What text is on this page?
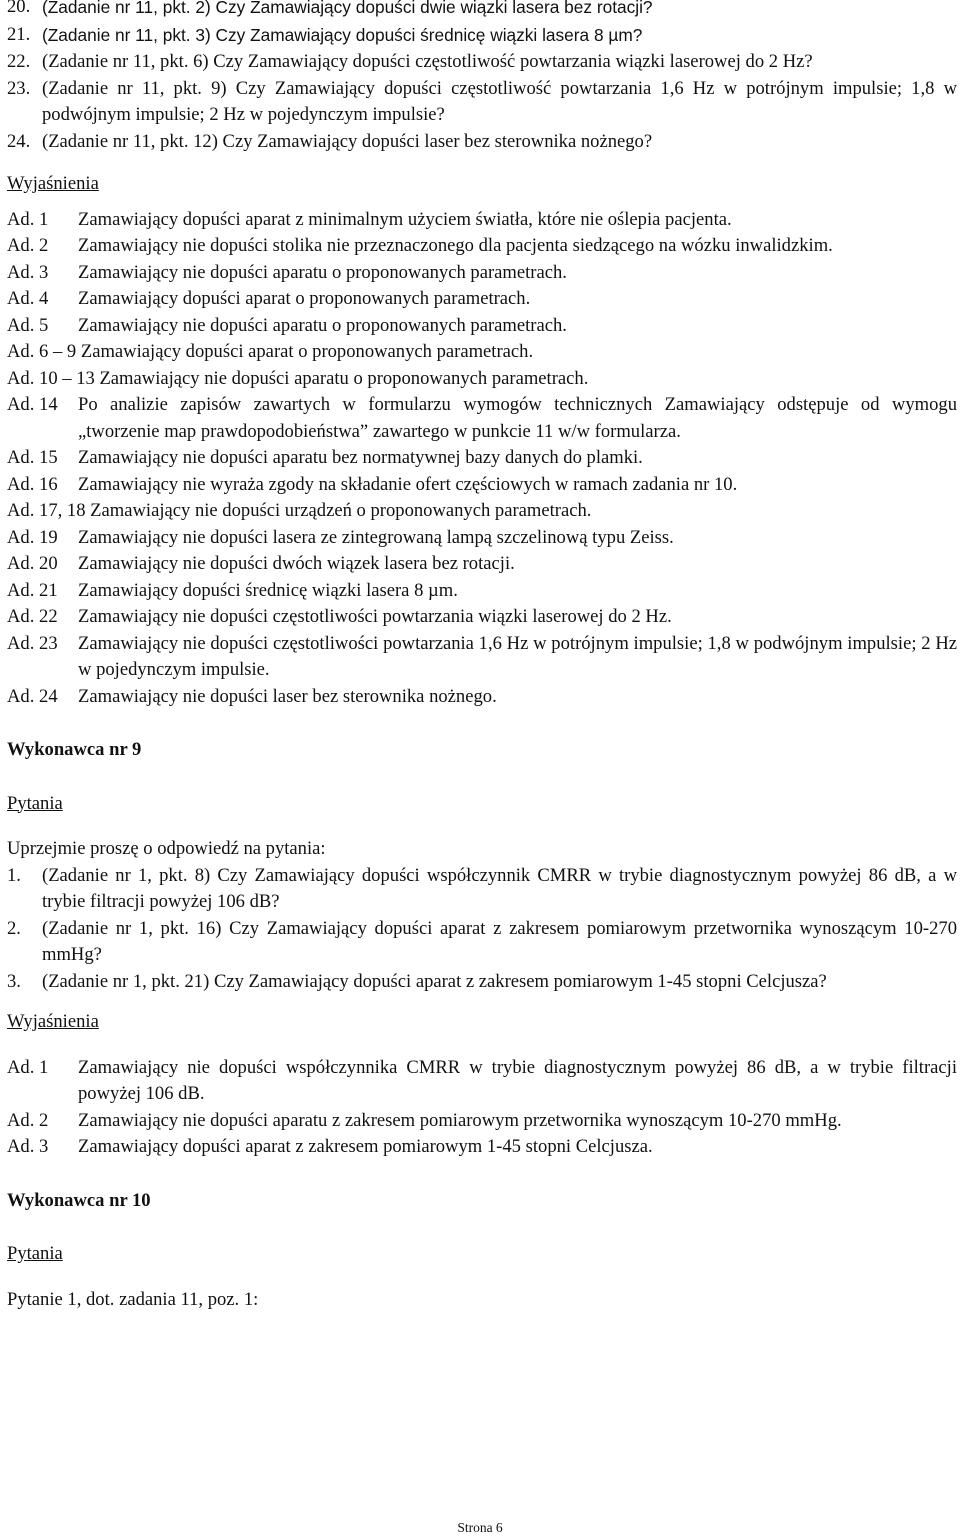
20. (Zadanie nr 11, pkt. 2) Czy Zamawiający dopuści dwie wiązki lasera bez rotacji?
21. (Zadanie nr 11, pkt. 3) Czy Zamawiający dopuści średnicę wiązki lasera 8 µm?
22. (Zadanie nr 11, pkt. 6) Czy Zamawiający dopuści częstotliwość powtarzania wiązki laserowej do 2 Hz?
23. (Zadanie nr 11, pkt. 9) Czy Zamawiający dopuści częstotliwość powtarzania 1,6 Hz w potrójnym impulsie; 1,8 w podwójnym impulsie; 2 Hz w pojedynczym impulsie?
24. (Zadanie nr 11, pkt. 12) Czy Zamawiający dopuści laser bez sterownika nożnego?
Wyjaśnienia
Ad. 1 Zamawiający dopuści aparat z minimalnym użyciem światła, które nie oślepia pacjenta.
Ad. 2 Zamawiający nie dopuści stolika nie przeznaczonego dla pacjenta siedzącego na wózku inwalidzkim.
Ad. 3 Zamawiający nie dopuści aparatu o proponowanych parametrach.
Ad. 4 Zamawiający dopuści aparat o proponowanych parametrach.
Ad. 5 Zamawiający nie dopuści aparatu o proponowanych parametrach.
Ad. 6 – 9 Zamawiający dopuści aparat o proponowanych parametrach.
Ad. 10 – 13 Zamawiający nie dopuści aparatu o proponowanych parametrach.
Ad. 14 Po analizie zapisów zawartych w formularzu wymogów technicznych Zamawiający odstępuje od wymogu „tworzenie map prawdopodobieństwa” zawartego w punkcie 11 w/w formularza.
Ad. 15 Zamawiający nie dopuści aparatu bez normatywnej bazy danych do plamki.
Ad. 16 Zamawiający nie wyraża zgody na składanie ofert częściowych w ramach zadania nr 10.
Ad. 17, 18 Zamawiający nie dopuści urządzeń o proponowanych parametrach.
Ad. 19 Zamawiający nie dopuści lasera ze zintegrowaną lampą szczelinową typu Zeiss.
Ad. 20 Zamawiający nie dopuści dwóch wiązek lasera bez rotacji.
Ad. 21 Zamawiający dopuści średnicę wiązki lasera 8 µm.
Ad. 22 Zamawiający nie dopuści częstotliwości powtarzania wiązki laserowej do 2 Hz.
Ad. 23 Zamawiający nie dopuści częstotliwości powtarzania 1,6 Hz w potrójnym impulsie; 1,8 w podwójnym impulsie; 2 Hz w pojedynczym impulsie.
Ad. 24 Zamawiający nie dopuści laser bez sterownika nożnego.
Wykonawca nr 9
Pytania
Uprzejmie proszę o odpowiedź na pytania:
1. (Zadanie nr 1, pkt. 8) Czy Zamawiający dopuści współczynnik CMRR w trybie diagnostycznym powyżej 86 dB, a w trybie filtracji powyżej 106 dB?
2. (Zadanie nr 1, pkt. 16) Czy Zamawiający dopuści aparat z zakresem pomiarowym przetwornika wynoszącym 10-270 mmHg?
3. (Zadanie nr 1, pkt. 21) Czy Zamawiający dopuści aparat z zakresem pomiarowym 1-45 stopni Celcjusza?
Wyjaśnienia
Ad. 1 Zamawiający nie dopuści współczynnika CMRR w trybie diagnostycznym powyżej 86 dB, a w trybie filtracji powyżej 106 dB.
Ad. 2 Zamawiający nie dopuści aparatu z zakresem pomiarowym przetwornika wynoszącym 10-270 mmHg.
Ad. 3 Zamawiający dopuści aparat z zakresem pomiarowym 1-45 stopni Celcjusza.
Wykonawca nr 10
Pytania
Pytanie 1, dot. zadania 11, poz. 1:
Strona 6
